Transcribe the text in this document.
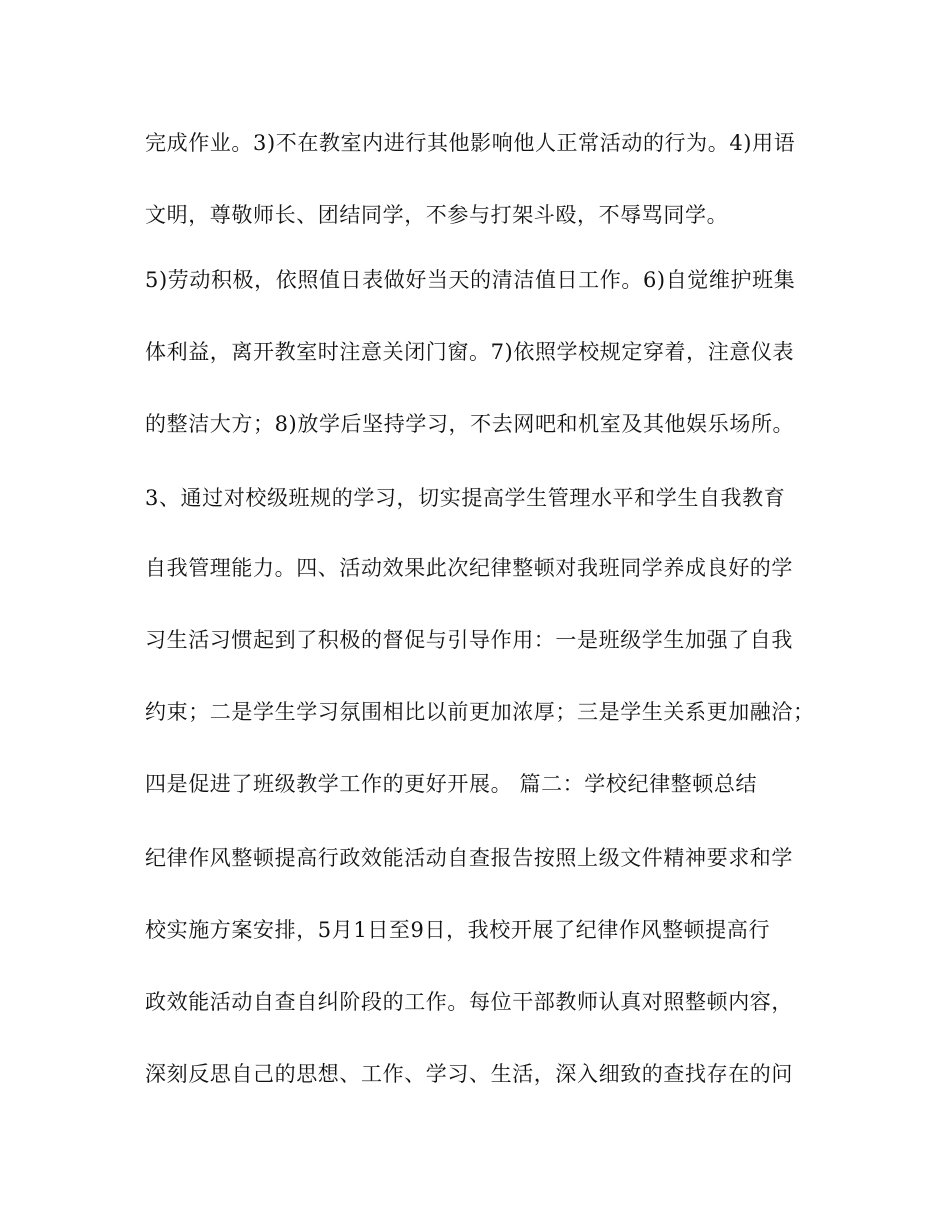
完成作业。3)不在教室内进行其他影响他人正常活动的行为。4)用语
文明，尊敬师长、团结同学，不参与打架斗殴，不辱骂同学。
5)劳动积极，依照值日表做好当天的清洁值日工作。6)自觉维护班集
体利益，离开教室时注意关闭门窗。7)依照学校规定穿着，注意仪表
的整洁大方；8)放学后坚持学习，不去网吧和机室及其他娱乐场所。
3、通过对校级班规的学习，切实提高学生管理水平和学生自我教育
自我管理能力。四、活动效果此次纪律整顿对我班同学养成良好的学
习生活习惯起到了积极的督促与引导作用：一是班级学生加强了自我
约束；二是学生学习氛围相比以前更加浓厚；三是学生关系更加融洽；
四是促进了班级教学工作的更好开展。 篇二：学校纪律整顿总结
纪律作风整顿提高行政效能活动自查报告按照上级文件精神要求和学
校实施方案安排，5月1日至9日，我校开展了纪律作风整顿提高行
政效能活动自查自纠阶段的工作。每位干部教师认真对照整顿内容，
深刻反思自己的思想、工作、学习、生活，深入细致的查找存在的问
